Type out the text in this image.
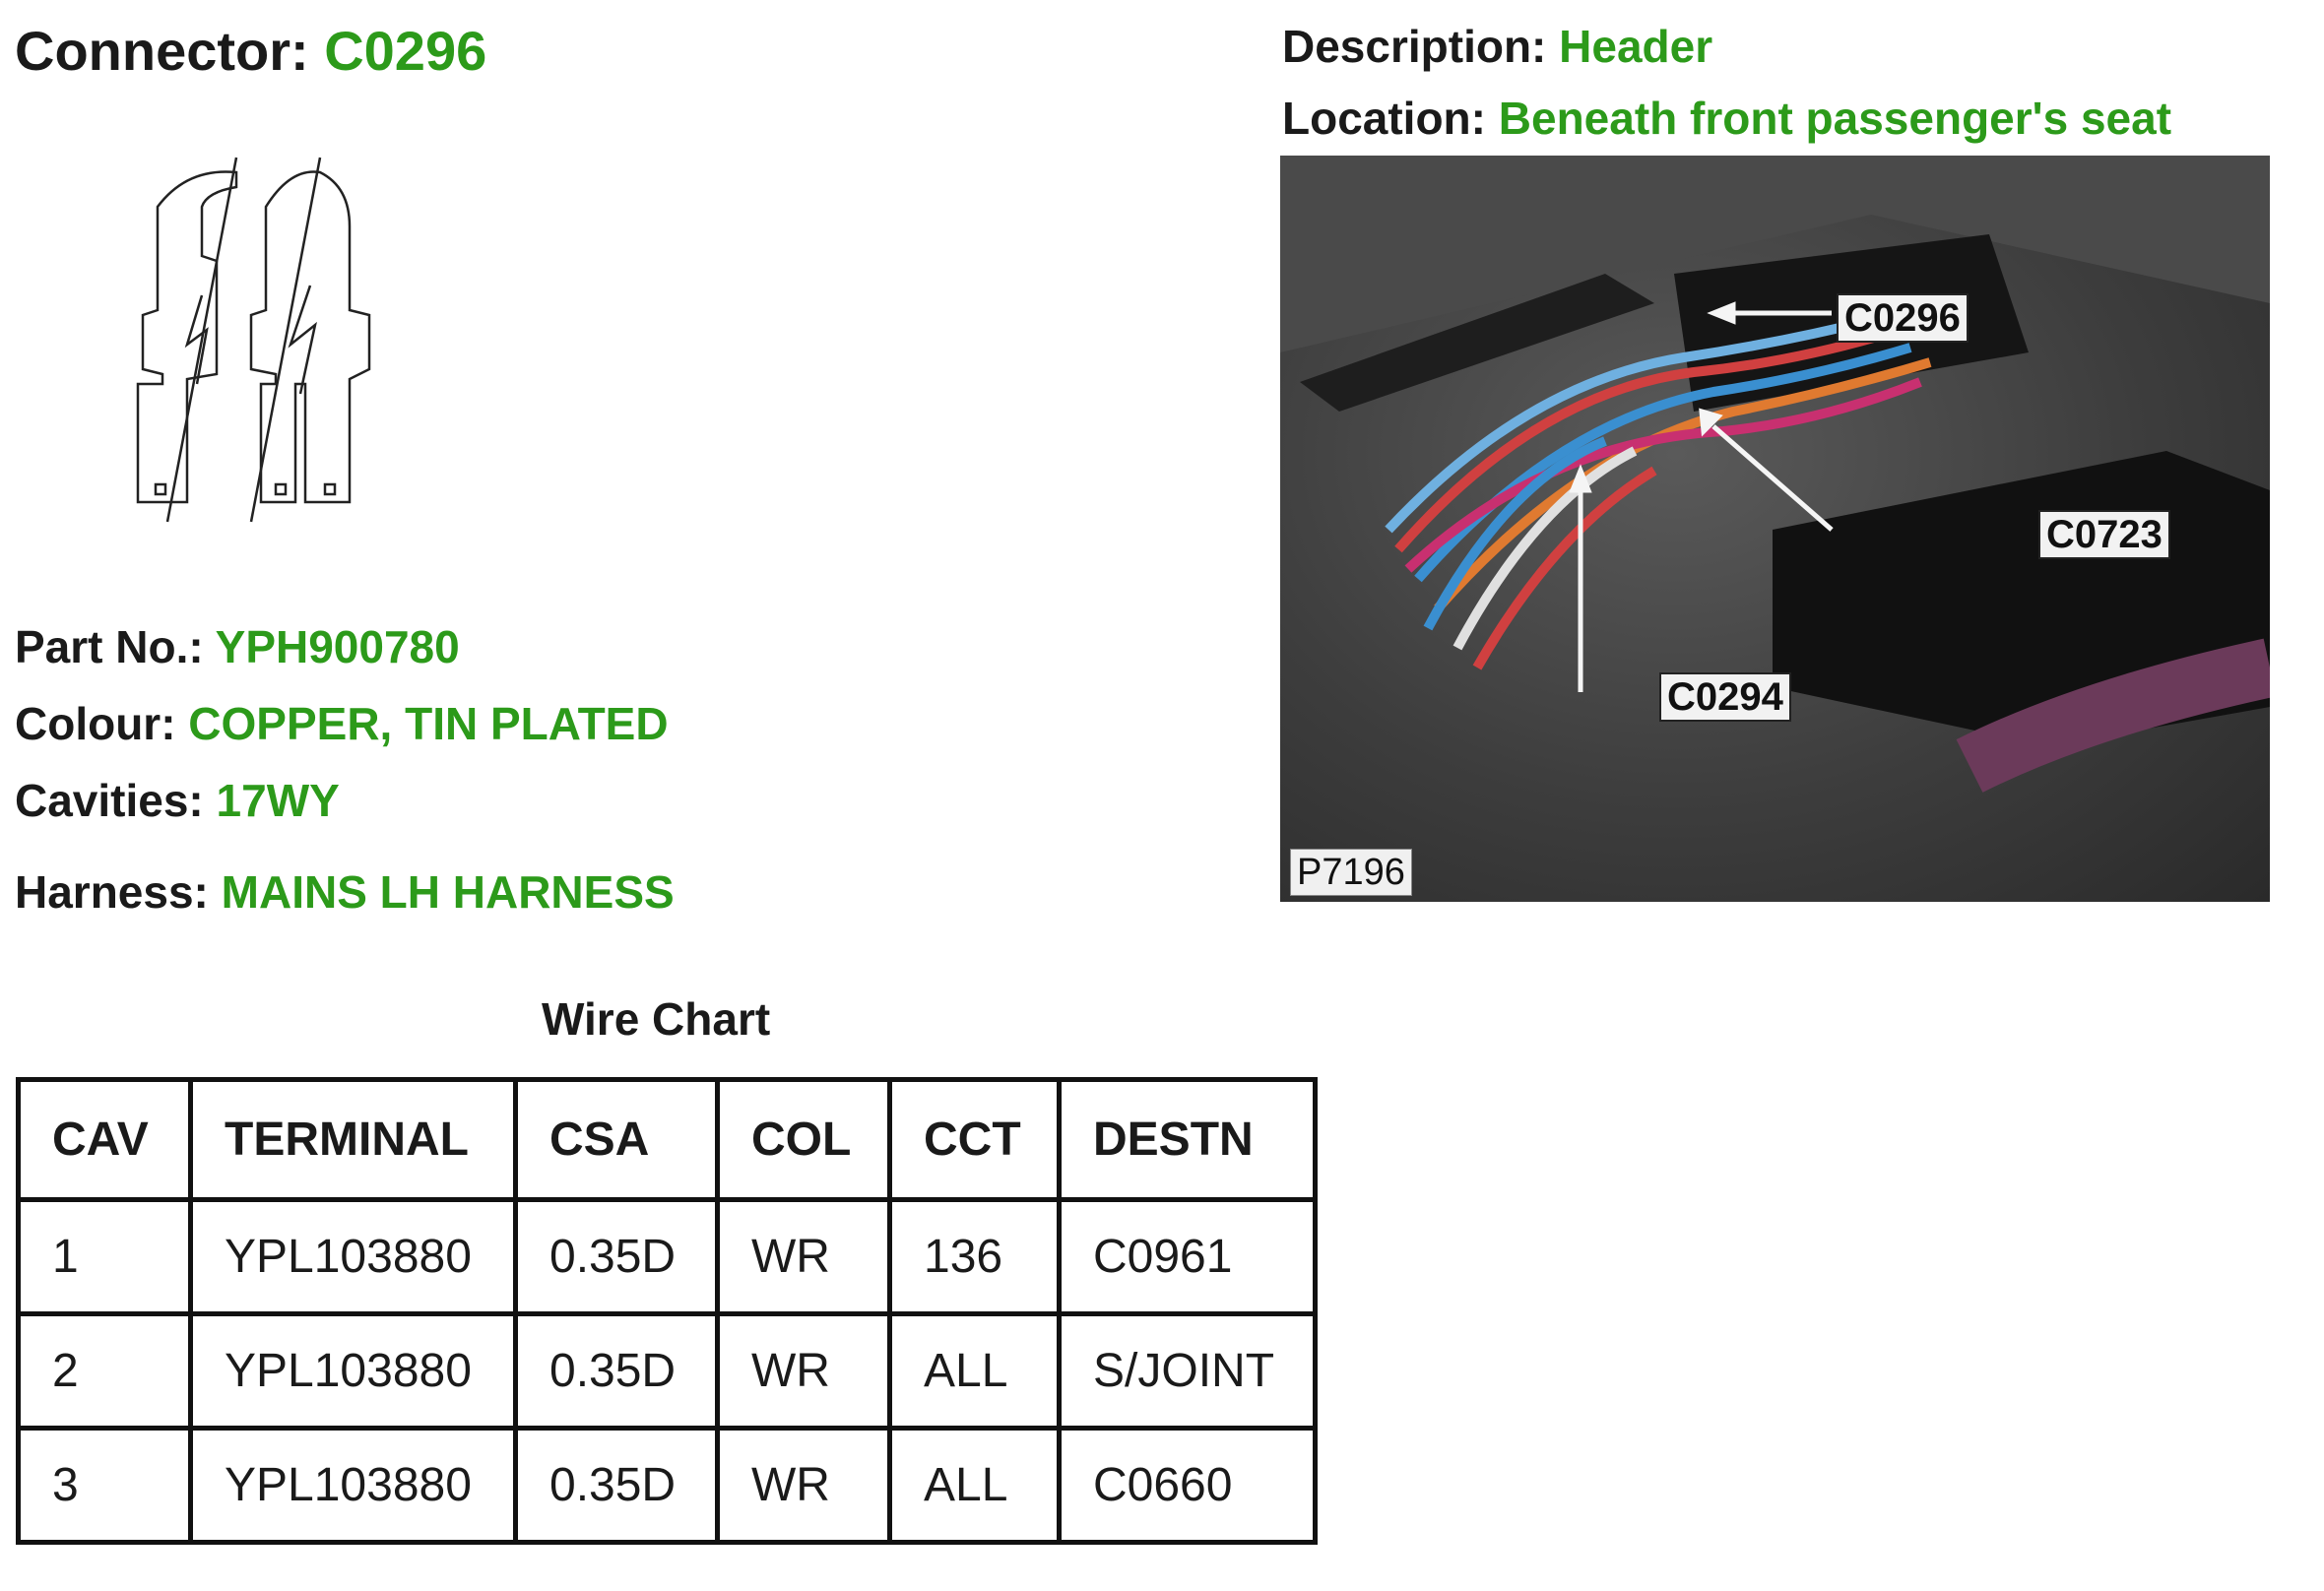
Connector: C0296	Description: Header
Location: Beneath front passenger's seat
Part No.: YPH900780
Colour: COPPER, TIN PLATED
Cavities: 17WY
Harness: MAINS LH HARNESS
C0296
C0723
C0294
P7196
Wire Chart
CAV	TERMINAL	CSA	COL	CCT	DESTN
1	YPL103880	0.35D	WR	136	C0961
2	YPL103880	0.35D	WR	ALL	S/JOINT
3	YPL103880	0.35D	WR	ALL	C0660
